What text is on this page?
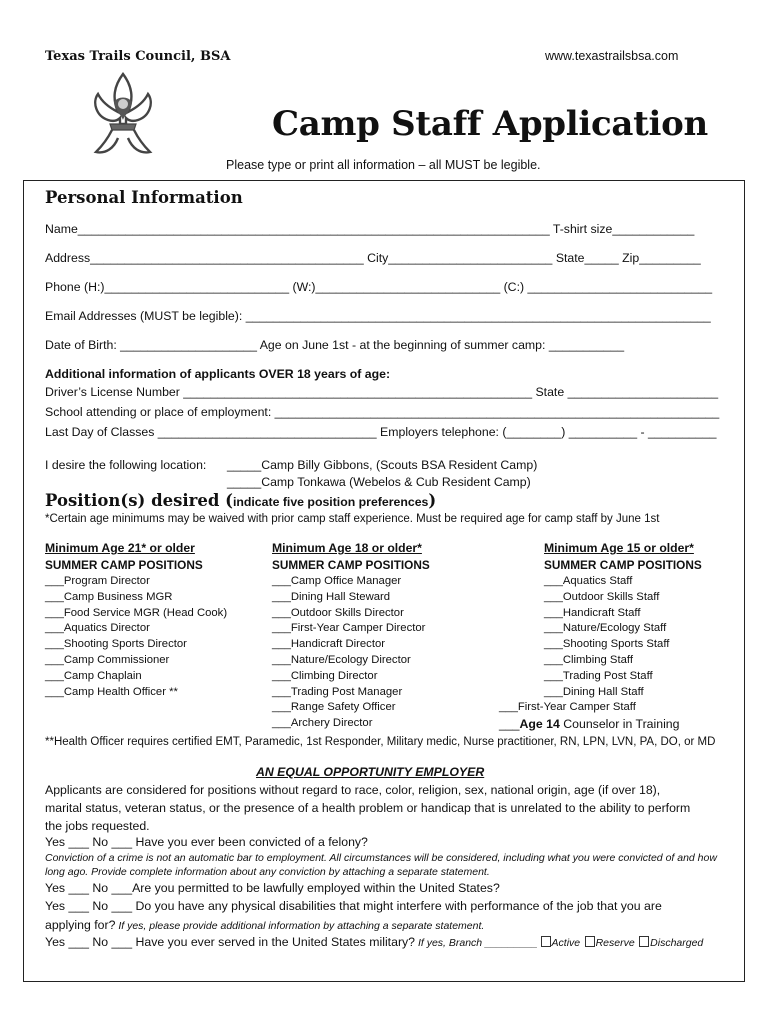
Texas Trails Council, BSA	www.texastrailsbsa.com
Camp Staff Application
Please type or print all information – all MUST be legible.
Personal Information
Name_____________________________________________________________________ T-shirt size____________
Address________________________________________ City________________________ State_____ Zip_________
Phone (H:)___________________________ (W:)___________________________ (C:) ___________________________
Email Addresses (MUST be legible): ____________________________________________________________________
Date of Birth: ____________________ Age on June 1st - at the beginning of summer camp: ___________
Additional information of applicants OVER 18 years of age:
Driver’s License Number ___________________________________________________ State ______________________
School attending or place of employment: _________________________________________________________________
Last Day of Classes ________________________________ Employers telephone: (________) __________ - __________
I desire the following location: _____Camp Billy Gibbons, (Scouts BSA Resident Camp)
_____Camp Tonkawa (Webelos & Cub Resident Camp)
Position(s) desired (indicate five position preferences)
*Certain age minimums may be waived with prior camp staff experience. Must be required age for camp staff by June 1st
Minimum Age 21* or older
SUMMER CAMP POSITIONS
___Program Director
___Camp Business MGR
___Food Service MGR (Head Cook)
___Aquatics Director
___Shooting Sports Director
___Camp Commissioner
___Camp Chaplain
___Camp Health Officer **
Minimum Age 18 or older*
SUMMER CAMP POSITIONS
___Camp Office Manager
___Dining Hall Steward
___Outdoor Skills Director
___First-Year Camper Director
___Handicraft Director
___Nature/Ecology Director
___Climbing Director
___Trading Post Manager
___Range Safety Officer
___Archery Director
Minimum Age 15 or older*
SUMMER CAMP POSITIONS
___Aquatics Staff
___Outdoor Skills Staff
___Handicraft Staff
___Nature/Ecology Staff
___Shooting Sports Staff
___Climbing Staff
___Trading Post Staff
___Dining Hall Staff
___First-Year Camper Staff
___Age 14 Counselor in Training
**Health Officer requires certified EMT, Paramedic, 1st Responder, Military medic, Nurse practitioner, RN, LPN, LVN, PA, DO, or MD
AN EQUAL OPPORTUNITY EMPLOYER
Applicants are considered for positions without regard to race, color, religion, sex, national origin, age (if over 18),
marital status, veteran status, or the presence of a health problem or handicap that is unrelated to the ability to perform
the jobs requested.
Yes ___ No ___ Have you ever been convicted of a felony?
Conviction of a crime is not an automatic bar to employment. All circumstances will be considered, including what you were convicted of and how
long ago. Provide complete information about any conviction by attaching a separate statement.
Yes ___ No ___Are you permitted to be lawfully employed within the United States?
Yes ___ No ___ Do you have any physical disabilities that might interfere with performance of the job that you are
applying for? If yes, please provide additional information by attaching a separate statement.
Yes ___ No ___ Have you ever served in the United States military? If yes, Branch _________ Active Reserve Discharged
